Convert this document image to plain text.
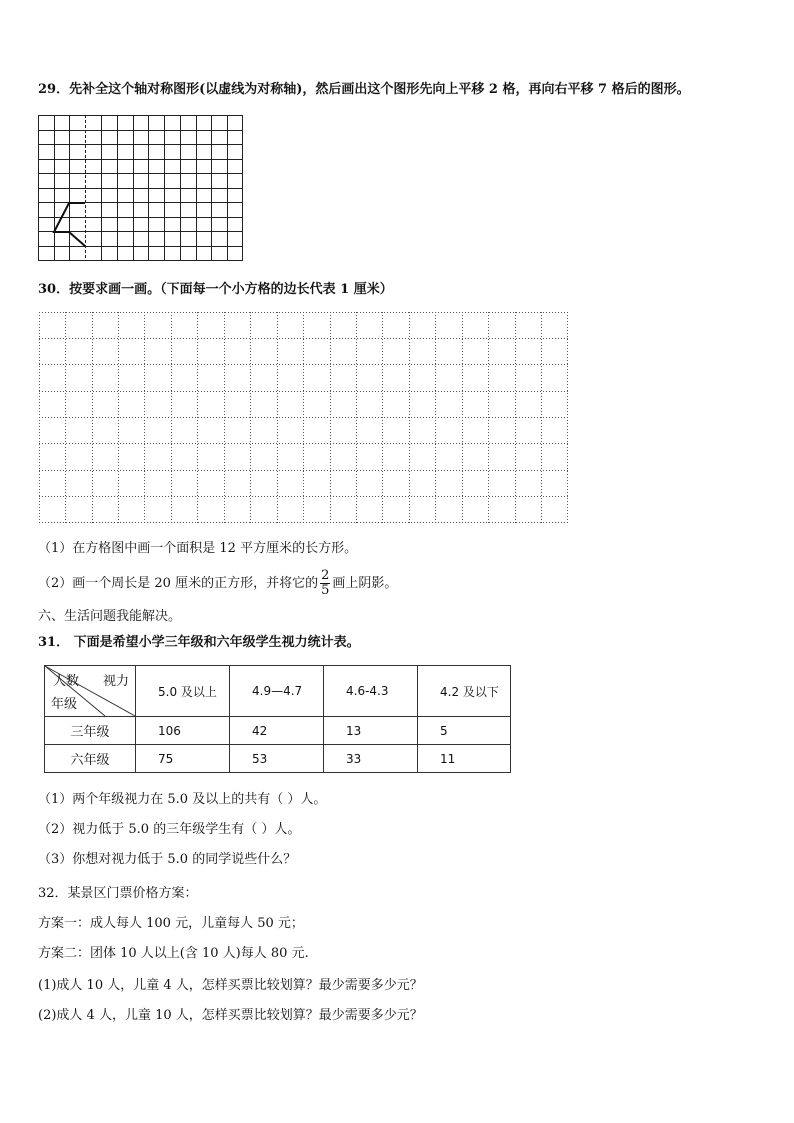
29．先补全这个轴对称图形(以虚线为对称轴)，然后画出这个图形先向上平移 2 格，再向右平移 7 格后的图形。
30．按要求画一画。（下面每一个小方格的边长代表 1 厘米）
（1）在方格图中画一个面积是 12 平方厘米的长方形。
（2）画一个周长是 20 厘米的正方形，并将它的 $\frac{2}{5}$ 画上阴影。
六、生活问题我能解决。
31． 下面是希望小学三年级和六年级学生视力统计表。
人数 视力
年级	5.0 及以上	4.9—4.7	4.6-4.3	4.2 及以下
三年级	106	42	13	5
六年级	75	53	33	11
（1）两个年级视力在 5.0 及以上的共有（ ）人。
（2）视力低于 5.0 的三年级学生有（ ）人。
（3）你想对视力低于 5.0 的同学说些什么？
32．某景区门票价格方案：
方案一：成人每人 100 元，儿童每人 50 元；
方案二：团体 10 人以上(含 10 人)每人 80 元.
(1)成人 10 人，儿童 4 人，怎样买票比较划算？最少需要多少元？
(2)成人 4 人，儿童 10 人，怎样买票比较划算？最少需要多少元？
